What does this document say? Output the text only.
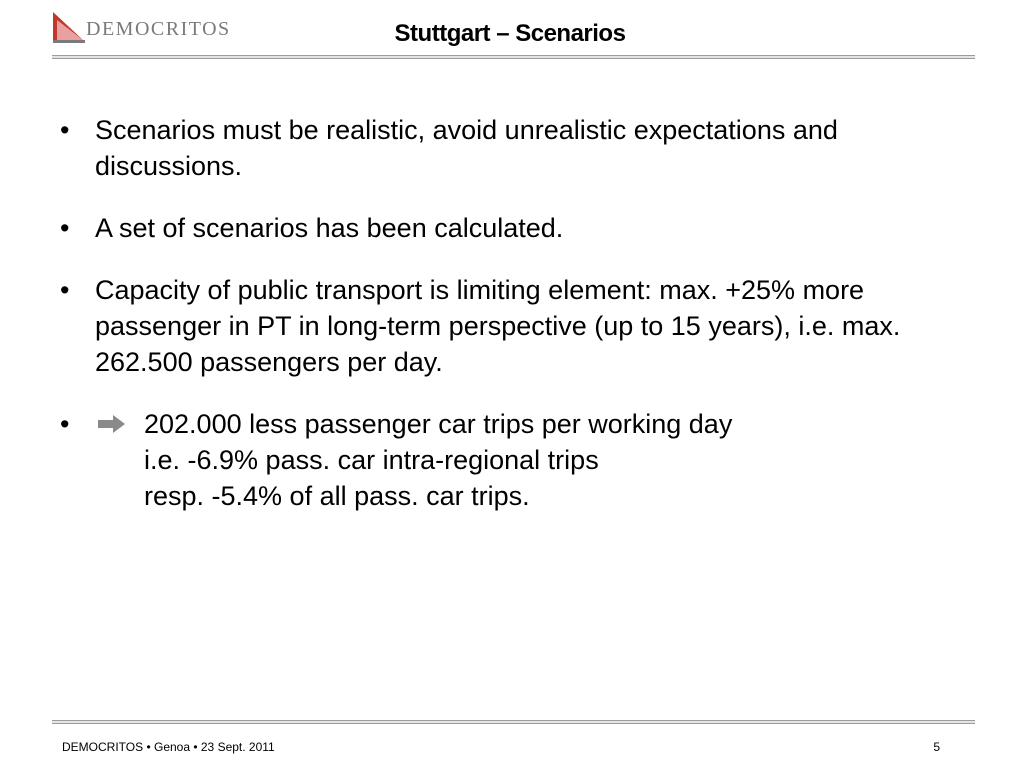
DEMOCRITOS	Stuttgart – Scenarios
• Scenarios must be realistic, avoid unrealistic expectations and discussions.
• A set of scenarios has been calculated.
• Capacity of public transport is limiting element: max. +25% more passenger in PT in long-term perspective (up to 15 years), i.e. max. 262.500 passengers per day.
•	202.000 less passenger car trips per working day
i.e. -6.9% pass. car intra-regional trips
resp. -5.4% of all pass. car trips.
DEMOCRITOS • Genoa • 23 Sept. 2011	5
